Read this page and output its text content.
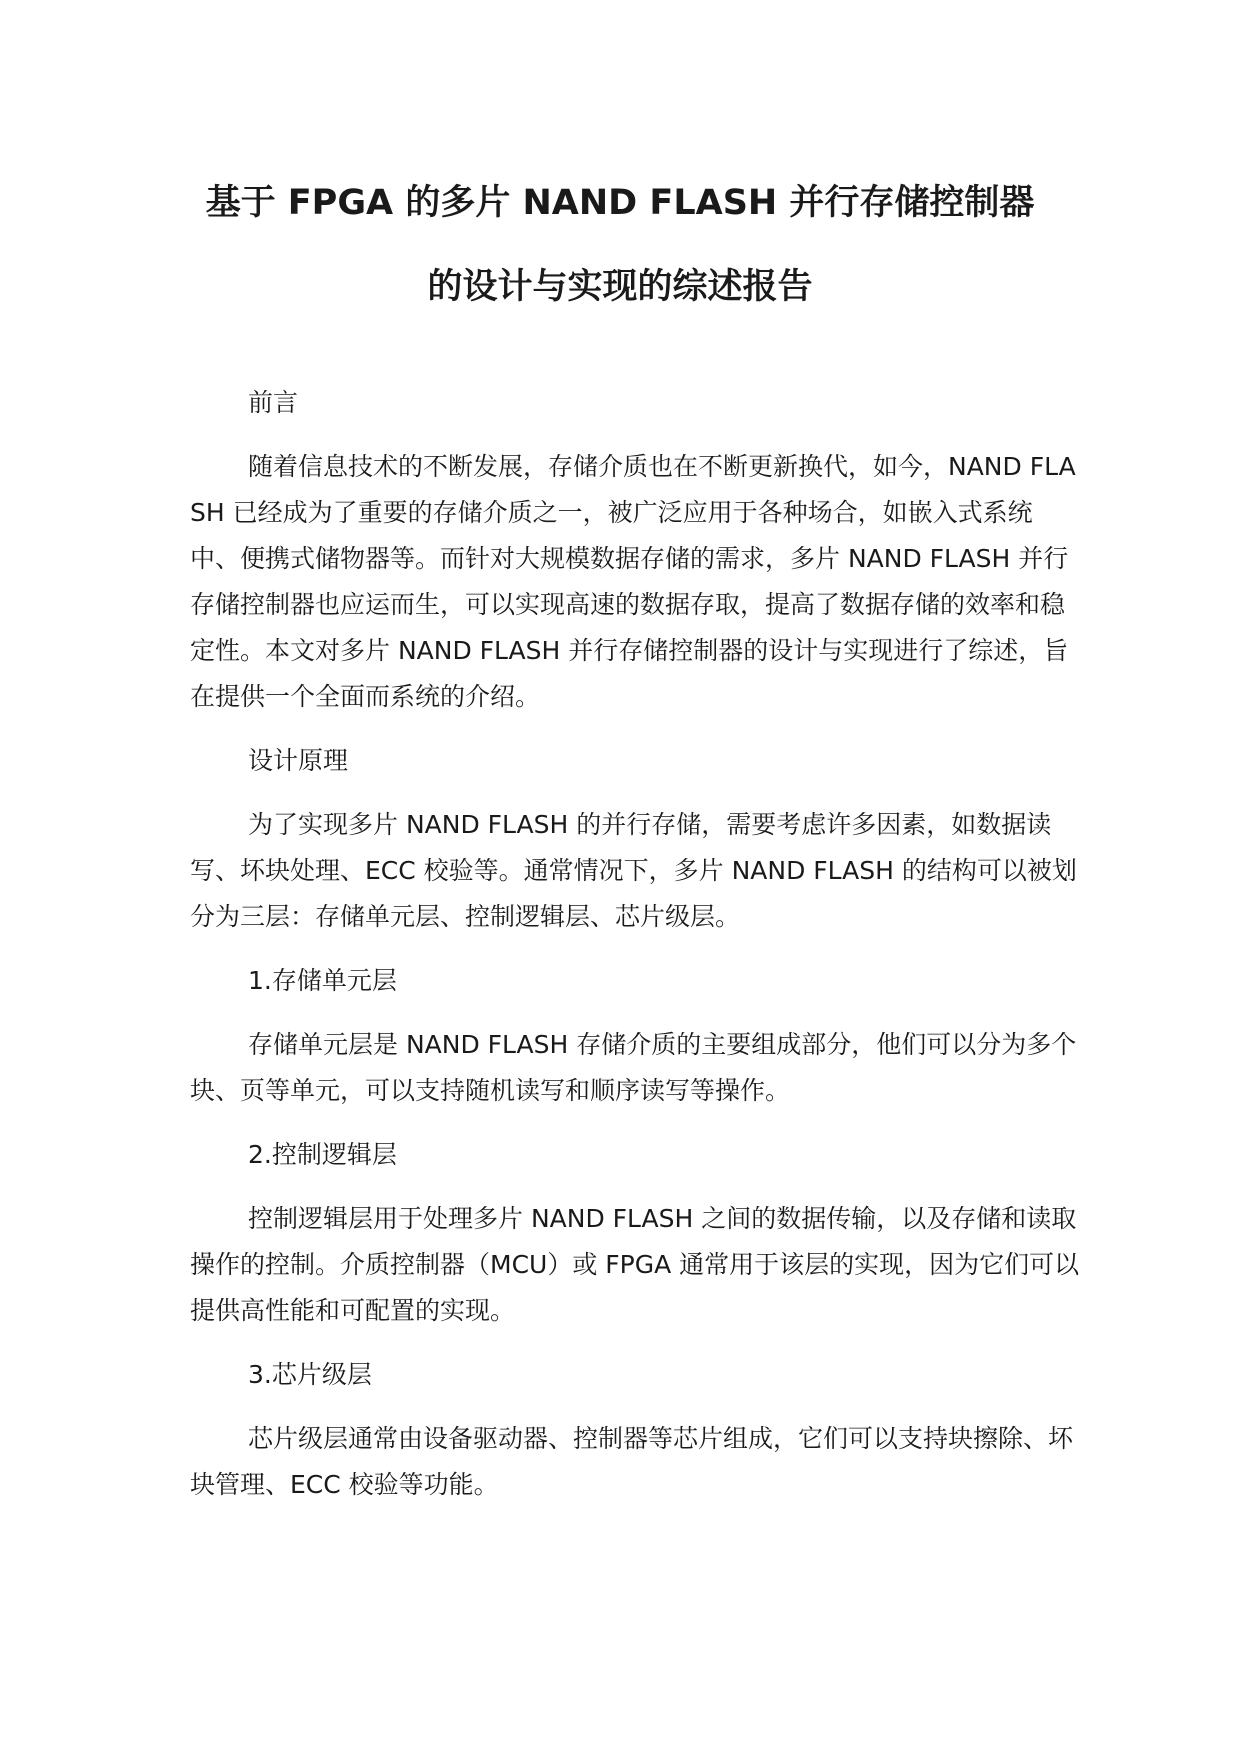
基于 FPGA 的多片 NAND FLASH 并行存储控制器
的设计与实现的综述报告

前言

随着信息技术的不断发展，存储介质也在不断更新换代，如今，NAND FLASH 已经成为了重要的存储介质之一，被广泛应用于各种场合，如嵌入式系统中、便携式储物器等。而针对大规模数据存储的需求，多片 NAND FLASH 并行存储控制器也应运而生，可以实现高速的数据存取，提高了数据存储的效率和稳定性。本文对多片 NAND FLASH 并行存储控制器的设计与实现进行了综述，旨在提供一个全面而系统的介绍。

设计原理

为了实现多片 NAND FLASH 的并行存储，需要考虑许多因素，如数据读写、坏块处理、ECC 校验等。通常情况下，多片 NAND FLASH 的结构可以被划分为三层：存储单元层、控制逻辑层、芯片级层。

1.存储单元层

存储单元层是 NAND FLASH 存储介质的主要组成部分，他们可以分为多个块、页等单元，可以支持随机读写和顺序读写等操作。

2.控制逻辑层

控制逻辑层用于处理多片 NAND FLASH 之间的数据传输，以及存储和读取操作的控制。介质控制器（MCU）或 FPGA 通常用于该层的实现，因为它们可以提供高性能和可配置的实现。

3.芯片级层

芯片级层通常由设备驱动器、控制器等芯片组成，它们可以支持块擦除、坏块管理、ECC 校验等功能。
